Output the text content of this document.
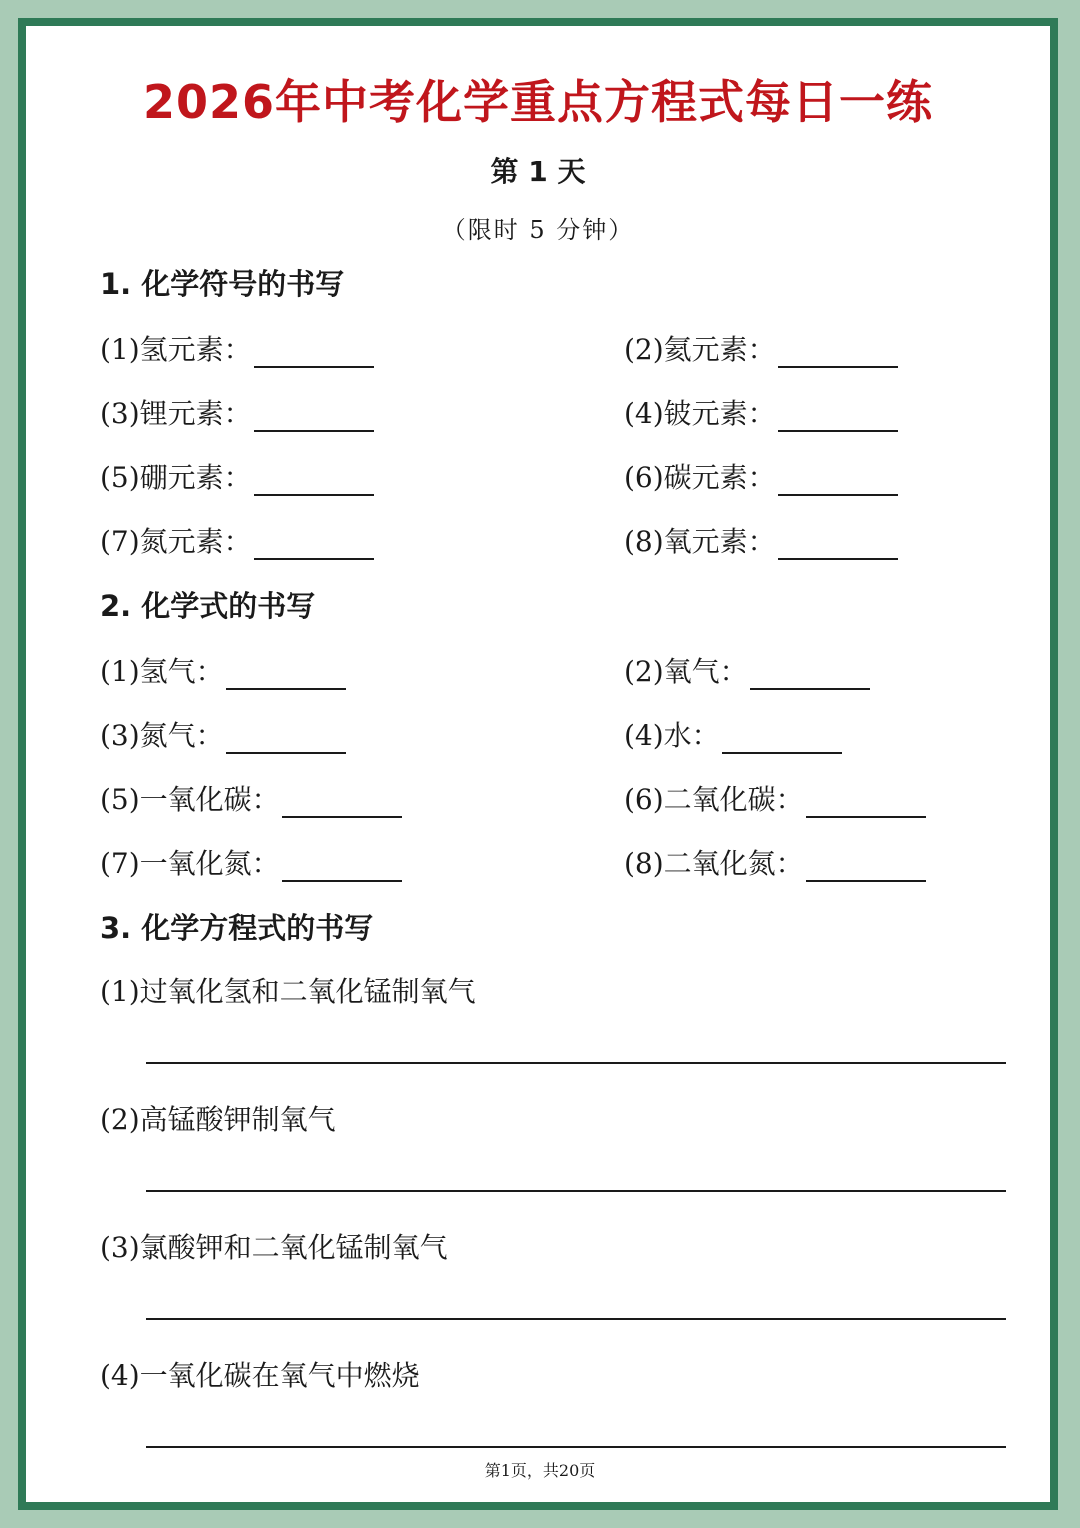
2026年中考化学重点方程式每日一练
第 1 天
（限时 5 分钟）
1. 化学符号的书写
(1)氢元素：	(2)氦元素：
(3)锂元素：	(4)铍元素：
(5)硼元素：	(6)碳元素：
(7)氮元素：	(8)氧元素：
2. 化学式的书写
(1)氢气：	(2)氧气：
(3)氮气：	(4)水：
(5)一氧化碳：	(6)二氧化碳：
(7)一氧化氮：	(8)二氧化氮：
3. 化学方程式的书写
(1)过氧化氢和二氧化锰制氧气
(2)高锰酸钾制氧气
(3)氯酸钾和二氧化锰制氧气
(4)一氧化碳在氧气中燃烧
第1页，共20页
